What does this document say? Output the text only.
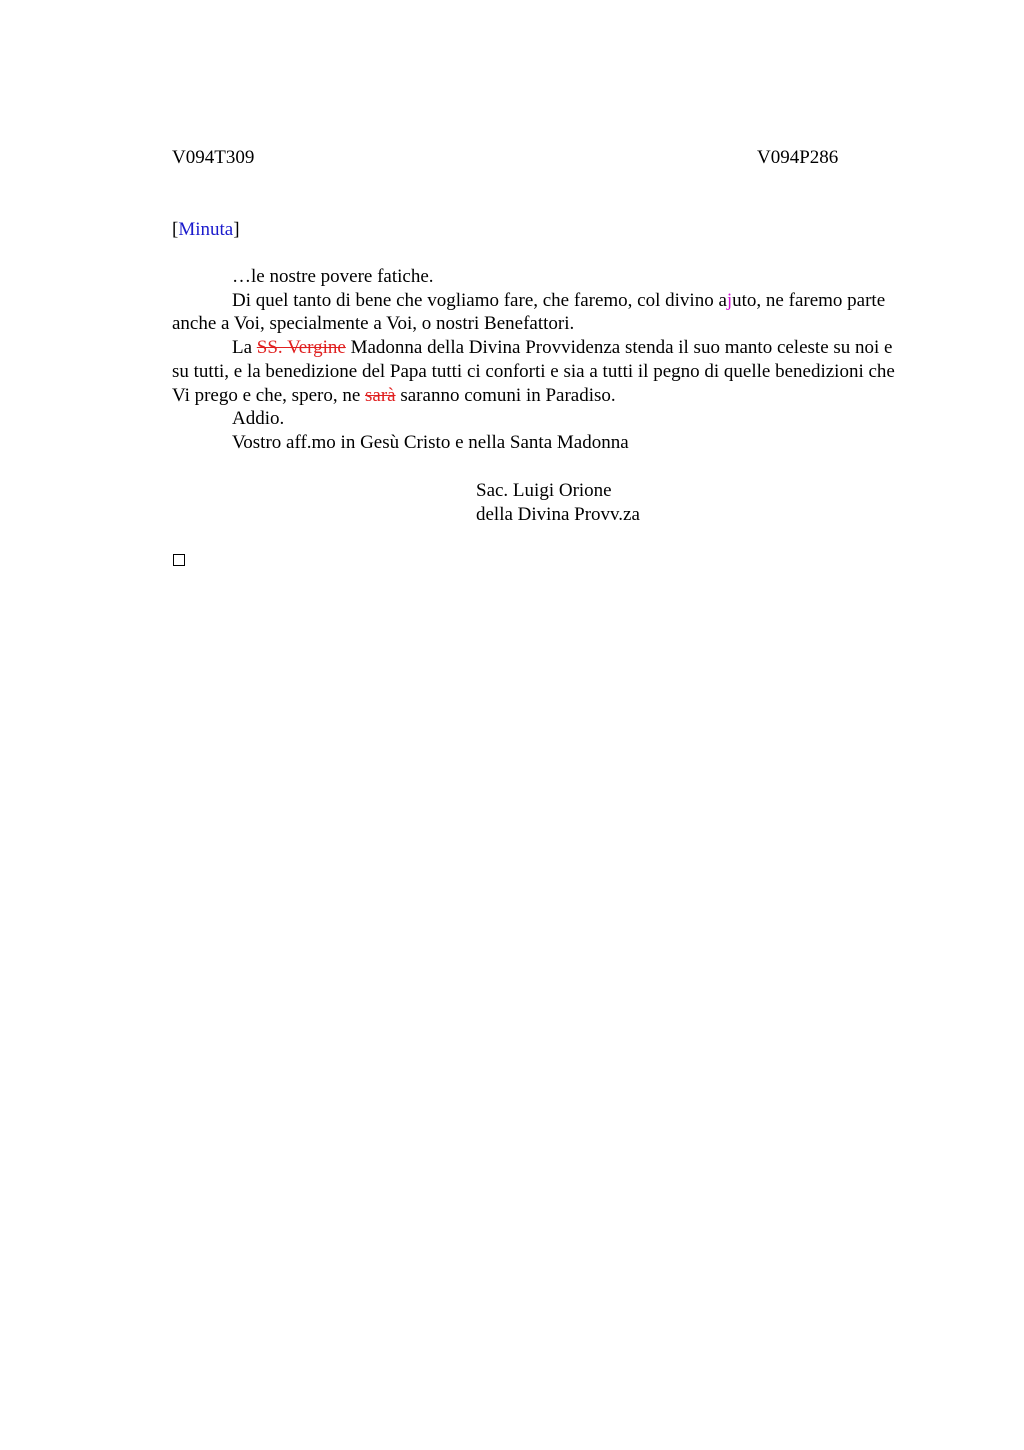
V094T309	V094P286
[Minuta]

…le nostre povere fatiche.

Di quel tanto di bene che vogliamo fare, che faremo, col divino ajuto, ne faremo parte anche a Voi, specialmente a Voi, o nostri Benefattori.

La SS. Vergine Madonna della Divina Provvidenza stenda il suo manto celeste su noi e su tutti, e la benedizione del Papa tutti ci conforti e sia a tutti il pegno di quelle benedizioni che Vi prego e che, spero, ne sarà saranno comuni in Paradiso.

Addio.

Vostro aff.mo in Gesù Cristo e nella Santa Madonna

Sac. Luigi Orione
della Divina Provv.za
